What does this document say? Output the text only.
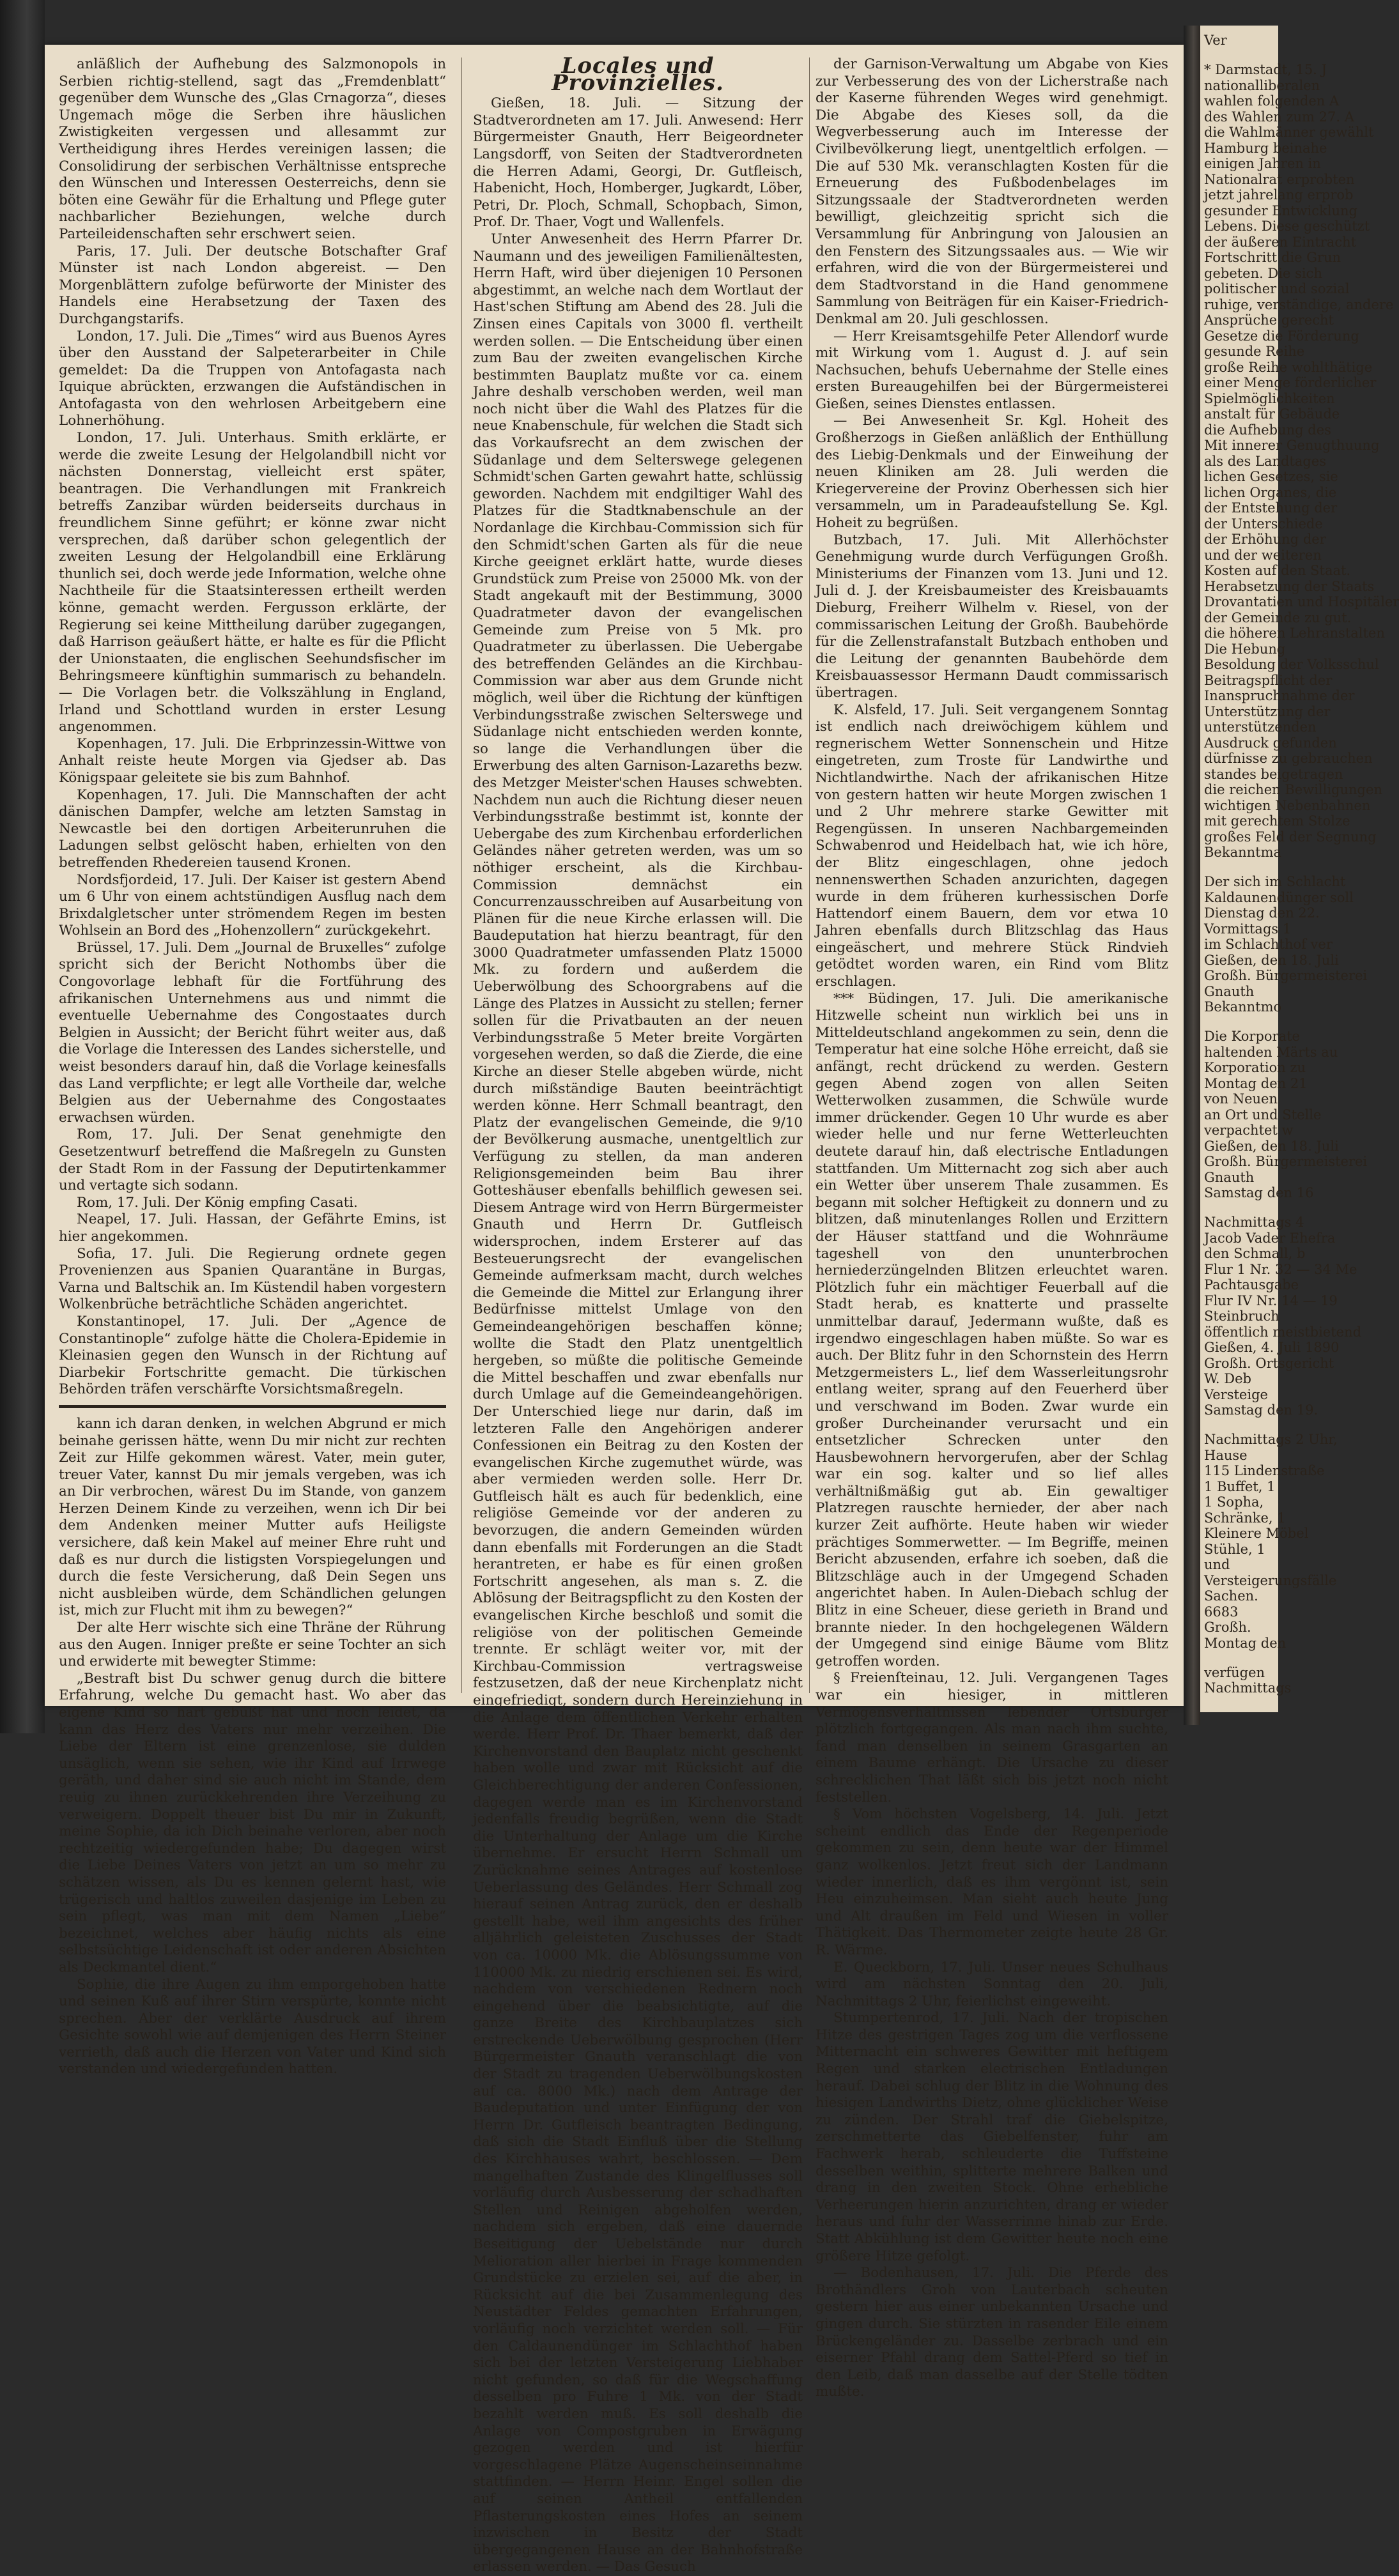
anläßlich der Aufhebung des Salzmonopols in Serbien richtig-stellend, sagt das „Fremdenblatt“ gegenüber dem Wunsche des „Glas Crnagorza“, dieses Ungemach möge die Serben ihre häuslichen Zwistigkeiten vergessen und allesammt zur Vertheidigung ihres Herdes vereinigen lassen; die Consolidirung der serbischen Verhältnisse entspreche den Wünschen und Interessen Oesterreichs, denn sie böten eine Gewähr für die Erhaltung und Pflege guter nachbarlicher Beziehungen, welche durch Parteileidenschaften sehr erschwert seien.

Paris, 17. Juli. Der deutsche Botschafter Graf Münster ist nach London abgereist. — Den Morgenblättern zufolge befürworte der Minister des Handels eine Herabsetzung der Taxen des Durchgangstarifs.

London, 17. Juli. Die „Times“ wird aus Buenos Ayres über den Ausstand der Salpeterarbeiter in Chile gemeldet: Da die Truppen von Antofagasta nach Iquique abrückten, erzwangen die Aufständischen in Antofagasta von den wehrlosen Arbeitgebern eine Lohnerhöhung.

London, 17. Juli. Unterhaus. Smith erklärte, er werde die zweite Lesung der Helgolandbill nicht vor nächsten Donnerstag, vielleicht erst später, beantragen. Die Verhandlungen mit Frankreich betreffs Zanzibar würden beiderseits durchaus in freundlichem Sinne geführt; er könne zwar nicht versprechen, daß darüber schon gelegentlich der zweiten Lesung der Helgolandbill eine Erklärung thunlich sei, doch werde jede Information, welche ohne Nachtheile für die Staatsinteressen ertheilt werden könne, gemacht werden. Fergusson erklärte, der Regierung sei keine Mittheilung darüber zugegangen, daß Harrison geäußert hätte, er halte es für die Pflicht der Unionstaaten, die englischen Seehundsfischer im Behringsmeere künftighin summarisch zu behandeln. — Die Vorlagen betr. die Volkszählung in England, Irland und Schottland wurden in erster Lesung angenommen.

Kopenhagen, 17. Juli. Die Erbprinzessin-Wittwe von Anhalt reiste heute Morgen via Gjedser ab. Das Königspaar geleitete sie bis zum Bahnhof.

Kopenhagen, 17. Juli. Die Mannschaften der acht dänischen Dampfer, welche am letzten Samstag in Newcastle bei den dortigen Arbeiterunruhen die Ladungen selbst gelöscht haben, erhielten von den betreffenden Rhedereien tausend Kronen.

Nordsfjordeid, 17. Juli. Der Kaiser ist gestern Abend um 6 Uhr von einem achtstündigen Ausflug nach dem Brixdalgletscher unter strömendem Regen im besten Wohlsein an Bord des „Hohenzollern“ zurückgekehrt.

Brüssel, 17. Juli. Dem „Journal de Bruxelles“ zufolge spricht sich der Bericht Nothombs über die Congovorlage lebhaft für die Fortführung des afrikanischen Unternehmens aus und nimmt die eventuelle Uebernahme des Congostaates durch Belgien in Aussicht; der Bericht führt weiter aus, daß die Vorlage die Interessen des Landes sicherstelle, und weist besonders darauf hin, daß die Vorlage keinesfalls das Land verpflichte; er legt alle Vortheile dar, welche Belgien aus der Uebernahme des Congostaates erwachsen würden.

Rom, 17. Juli. Der Senat genehmigte den Gesetzentwurf betreffend die Maßregeln zu Gunsten der Stadt Rom in der Fassung der Deputirtenkammer und vertagte sich sodann.

Rom, 17. Juli. Der König empfing Casati.

Neapel, 17. Juli. Hassan, der Gefährte Emins, ist hier angekommen.

Sofia, 17. Juli. Die Regierung ordnete gegen Provenienzen aus Spanien Quarantäne in Burgas, Varna und Baltschik an. Im Küstendil haben vorgestern Wolkenbrüche beträchtliche Schäden angerichtet.

Konstantinopel, 17. Juli. Der „Agence de Constantinople“ zufolge hätte die Cholera-Epidemie in Kleinasien gegen den Wunsch in der Richtung auf Diarbekir Fortschritte gemacht. Die türkischen Behörden träfen verschärfte Vorsichtsmaßregeln.

kann ich daran denken, in welchen Abgrund er mich beinahe gerissen hätte, wenn Du mir nicht zur rechten Zeit zur Hilfe gekommen wärest. Vater, mein guter, treuer Vater, kannst Du mir jemals vergeben, was ich an Dir verbrochen, wärest Du im Stande, von ganzem Herzen Deinem Kinde zu verzeihen, wenn ich Dir bei dem Andenken meiner Mutter aufs Heiligste versichere, daß kein Makel auf meiner Ehre ruht und daß es nur durch die listigsten Vorspiegelungen und durch die feste Versicherung, daß Dein Segen uns nicht ausbleiben würde, dem Schändlichen gelungen ist, mich zur Flucht mit ihm zu bewegen?“

Der alte Herr wischte sich eine Thräne der Rührung aus den Augen. Inniger preßte er seine Tochter an sich und erwiderte mit bewegter Stimme:

„Bestraft bist Du schwer genug durch die bittere Erfahrung, welche Du gemacht hast. Wo aber das eigene Kind so hart gebüßt hat und noch leidet, da kann das Herz des Vaters nur mehr verzeihen. Die Liebe der Eltern ist eine grenzenlose, sie dulden unsäglich, wenn sie sehen, wie ihr Kind auf Irrwege geräth, und daher sind sie auch nicht im Stande, dem reuig zu ihnen zurückkehrenden ihre Verzeihung zu verweigern. Doppelt theuer bist Du mir in Zukunft, meine Sophie, da ich Dich beinahe verloren, aber noch rechtzeitig wiedergefunden habe; Du dagegen wirst die Liebe Deines Vaters von jetzt an um so mehr zu schätzen wissen, als Du es kennen gelernt hast, wie trügerisch und haltlos zuweilen dasjenige im Leben zu sein pflegt, was man mit dem Namen „Liebe“ bezeichnet, welches aber häufig nichts als eine selbstsüchtige Leidenschaft ist oder anderen Absichten als Deckmantel dient.“

Sophie, die ihre Augen zu ihm emporgehoben hatte und seinen Kuß auf ihrer Stirn verspürte, konnte nicht sprechen. Aber der verklärte Ausdruck auf ihrem Gesichte sowohl wie auf demjenigen des Herrn Steiner verrieth, daß auch die Herzen von Vater und Kind sich verstanden und wiedergefunden hatten.

Locales und Provinzielles.

Gießen, 18. Juli. — Sitzung der Stadtverordneten am 17. Juli. Anwesend: Herr Bürgermeister Gnauth, Herr Beigeordneter Langsdorff, von Seiten der Stadtverordneten die Herren Adami, Georgi, Dr. Gutfleisch, Habenicht, Hoch, Homberger, Jugkardt, Löber, Petri, Dr. Ploch, Schmall, Schopbach, Simon, Prof. Dr. Thaer, Vogt und Wallenfels.

Unter Anwesenheit des Herrn Pfarrer Dr. Naumann und des jeweiligen Familienältesten, Herrn Haft, wird über diejenigen 10 Personen abgestimmt, an welche nach dem Wortlaut der Hast'schen Stiftung am Abend des 28. Juli die Zinsen eines Capitals von 3000 fl. vertheilt werden sollen. — Die Entscheidung über einen zum Bau der zweiten evangelischen Kirche bestimmten Bauplatz mußte vor ca. einem Jahre deshalb verschoben werden, weil man noch nicht über die Wahl des Platzes für die neue Knabenschule, für welchen die Stadt sich das Vorkaufsrecht an dem zwischen der Südanlage und dem Selterswege gelegenen Schmidt'schen Garten gewahrt hatte, schlüssig geworden. Nachdem mit endgiltiger Wahl des Platzes für die Stadtknabenschule an der Nordanlage die Kirchbau-Commission sich für den Schmidt'schen Garten als für die neue Kirche geeignet erklärt hatte, wurde dieses Grundstück zum Preise von 25000 Mk. von der Stadt angekauft mit der Bestimmung, 3000 Quadratmeter davon der evangelischen Gemeinde zum Preise von 5 Mk. pro Quadratmeter zu überlassen. Die Uebergabe des betreffenden Geländes an die Kirchbau-Commission war aber aus dem Grunde nicht möglich, weil über die Richtung der künftigen Verbindungsstraße zwischen Selterswege und Südanlage nicht entschieden werden konnte, so lange die Verhandlungen über die Erwerbung des alten Garnison-Lazareths bezw. des Metzger Meister'schen Hauses schwebten. Nachdem nun auch die Richtung dieser neuen Verbindungsstraße bestimmt ist, konnte der Uebergabe des zum Kirchenbau erforderlichen Geländes näher getreten werden, was um so nöthiger erscheint, als die Kirchbau-Commission demnächst ein Concurrenzausschreiben auf Ausarbeitung von Plänen für die neue Kirche erlassen will. Die Baudeputation hat hierzu beantragt, für den 3000 Quadratmeter umfassenden Platz 15000 Mk. zu fordern und außerdem die Ueberwölbung des Schoorgrabens auf die Länge des Platzes in Aussicht zu stellen; ferner sollen für die Privatbauten an der neuen Verbindungsstraße 5 Meter breite Vorgärten vorgesehen werden, so daß die Zierde, die eine Kirche an dieser Stelle abgeben würde, nicht durch mißständige Bauten beeinträchtigt werden könne. Herr Schmall beantragt, den Platz der evangelischen Gemeinde, die 9/10 der Bevölkerung ausmache, unentgeltlich zur Verfügung zu stellen, da man anderen Religionsgemeinden beim Bau ihrer Gotteshäuser ebenfalls behilflich gewesen sei. Diesem Antrage wird von Herrn Bürgermeister Gnauth und Herrn Dr. Gutfleisch widersprochen, indem Ersterer auf das Besteuerungsrecht der evangelischen Gemeinde aufmerksam macht, durch welches die Gemeinde die Mittel zur Erlangung ihrer Bedürfnisse mittelst Umlage von den Gemeindeangehörigen beschaffen könne; wollte die Stadt den Platz unentgeltlich hergeben, so müßte die politische Gemeinde die Mittel beschaffen und zwar ebenfalls nur durch Umlage auf die Gemeindeangehörigen. Der Unterschied liege nur darin, daß im letzteren Falle den Angehörigen anderer Confessionen ein Beitrag zu den Kosten der evangelischen Kirche zugemuthet würde, was aber vermieden werden solle. Herr Dr. Gutfleisch hält es auch für bedenklich, eine religiöse Gemeinde vor der anderen zu bevorzugen, die andern Gemeinden würden dann ebenfalls mit Forderungen an die Stadt herantreten, er habe es für einen großen Fortschritt angesehen, als man s. Z. die Ablösung der Beitragspflicht zu den Kosten der evangelischen Kirche beschloß und somit die religiöse von der politischen Gemeinde trennte. Er schlägt weiter vor, mit der Kirchbau-Commission vertragsweise festzusetzen, daß der neue Kirchenplatz nicht eingefriedigt, sondern durch Hereinziehung in die Anlage dem öffentlichen Verkehr erhalten werde. Herr Prof. Dr. Thaer bemerkt, daß der Kirchenvorstand den Bauplatz nicht geschenkt haben wolle und zwar mit Rücksicht auf die Gleichberechtigung der anderen Confessionen, dagegen werde man es im Kirchenvorstand jedenfalls freudig begrüßen, wenn die Stadt die Unterhaltung der Anlage um die Kirche übernehme. Er ersucht Herrn Schmall um Zurücknahme seines Antrages auf kostenlose Ueberlassung des Geländes. Herr Schmall zog hierauf seinen Antrag zurück, den er deshalb gestellt habe, weil ihm angesichts des früher alljährlich geleisteten Zuschusses der Stadt von ca. 10000 Mk. die Ablösungssumme von 110000 Mk. zu niedrig erschienen sei. Es wird, nachdem von verschiedenen Rednern noch eingehend über die beabsichtigte, auf die ganze Breite des Kirchbauplatzes sich erstreckende Ueberwölbung gesprochen (Herr Bürgermeister Gnauth veranschlagt die von der Stadt zu tragenden Ueberwölbungskosten auf ca. 8000 Mk.) nach dem Antrage der Baudeputation und unter Einfügung der von Herrn Dr. Gutfleisch beantragten Bedingung, daß sich die Stadt Einfluß über die Stellung des Kirchhauses wahrt, beschlossen. — Dem mangelhaften Zustande des Klingelflusses soll vorläufig durch Ausbesserung der schadhaften Stellen und Reinigen abgeholfen werden, nachdem sich ergeben, daß eine dauernde Beseitigung der Uebelstände nur durch Melioration aller hierbei in Frage kommenden Grundstücke zu erzielen sei, auf die aber, in Rücksicht auf die bei Zusammenlegung des Neustädter Feldes gemachten Erfahrungen, vorläufig noch verzichtet werden soll. — Für den Caldaunendünger im Schlachthof haben sich bei der letzten Versteigerung Liebhaber nicht gefunden, so daß für die Wegschaffung desselben pro Fuhre 1 Mk. von der Stadt bezahlt werden muß. Es soll deshalb die Anlage von Compostgruben in Erwägung gezogen werden und ist hierfür vorgeschlagene Plätze Augenscheinseinnahme stattfinden. — Herrn Heinr. Engel sollen die auf seinen Antheil entfallenden Pflasterungskosten eines Hofes an seinem inzwischen in Besitz der Stadt übergegangenen Hause an der Bahnhofstraße erlassen werden. — Das Gesuch

der Garnison-Verwaltung um Abgabe von Kies zur Verbesserung des von der Licherstraße nach der Kaserne führenden Weges wird genehmigt. Die Abgabe des Kieses soll, da die Wegverbesserung auch im Interesse der Civilbevölkerung liegt, unentgeltlich erfolgen. — Die auf 530 Mk. veranschlagten Kosten für die Erneuerung des Fußbodenbelages im Sitzungssaale der Stadtverordneten werden bewilligt, gleichzeitig spricht sich die Versammlung für Anbringung von Jalousien an den Fenstern des Sitzungssaales aus. — Wie wir erfahren, wird die von der Bürgermeisterei und dem Stadtvorstand in die Hand genommene Sammlung von Beiträgen für ein Kaiser-Friedrich-Denkmal am 20. Juli geschlossen.

— Herr Kreisamtsgehilfe Peter Allendorf wurde mit Wirkung vom 1. August d. J. auf sein Nachsuchen, behufs Uebernahme der Stelle eines ersten Bureaugehilfen bei der Bürgermeisterei Gießen, seines Dienstes entlassen.

— Bei Anwesenheit Sr. Kgl. Hoheit des Großherzogs in Gießen anläßlich der Enthüllung des Liebig-Denkmals und der Einweihung der neuen Kliniken am 28. Juli werden die Kriegervereine der Provinz Oberhessen sich hier versammeln, um in Paradeaufstellung Se. Kgl. Hoheit zu begrüßen.

Butzbach, 17. Juli. Mit Allerhöchster Genehmigung wurde durch Verfügungen Großh. Ministeriums der Finanzen vom 13. Juni und 12. Juli d. J. der Kreisbaumeister des Kreisbauamts Dieburg, Freiherr Wilhelm v. Riesel, von der commissarischen Leitung der Großh. Baubehörde für die Zellenstrafanstalt Butzbach enthoben und die Leitung der genannten Baubehörde dem Kreisbauassessor Hermann Daudt commissarisch übertragen.

K. Alsfeld, 17. Juli. Seit vergangenem Sonntag ist endlich nach dreiwöchigem kühlem und regnerischem Wetter Sonnenschein und Hitze eingetreten, zum Troste für Landwirthe und Nichtlandwirthe. Nach der afrikanischen Hitze von gestern hatten wir heute Morgen zwischen 1 und 2 Uhr mehrere starke Gewitter mit Regengüssen. In unseren Nachbargemeinden Schwabenrod und Heidelbach hat, wie ich höre, der Blitz eingeschlagen, ohne jedoch nennenswerthen Schaden anzurichten, dagegen wurde in dem früheren kurhessischen Dorfe Hattendorf einem Bauern, dem vor etwa 10 Jahren ebenfalls durch Blitzschlag das Haus eingeäschert, und mehrere Stück Rindvieh getödtet worden waren, ein Rind vom Blitz erschlagen.

*** Büdingen, 17. Juli. Die amerikanische Hitzwelle scheint nun wirklich bei uns in Mitteldeutschland angekommen zu sein, denn die Temperatur hat eine solche Höhe erreicht, daß sie anfängt, recht drückend zu werden. Gestern gegen Abend zogen von allen Seiten Wetterwolken zusammen, die Schwüle wurde immer drückender. Gegen 10 Uhr wurde es aber wieder helle und nur ferne Wetterleuchten deutete darauf hin, daß electrische Entladungen stattfanden. Um Mitternacht zog sich aber auch ein Wetter über unserem Thale zusammen. Es begann mit solcher Heftigkeit zu donnern und zu blitzen, daß minutenlanges Rollen und Erzittern der Häuser stattfand und die Wohnräume tageshell von den ununterbrochen herniederzüngelnden Blitzen erleuchtet waren. Plötzlich fuhr ein mächtiger Feuerball auf die Stadt herab, es knatterte und prasselte unmittelbar darauf, Jedermann wußte, daß es irgendwo eingeschlagen haben müßte. So war es auch. Der Blitz fuhr in den Schornstein des Herrn Metzgermeisters L., lief dem Wasserleitungsrohr entlang weiter, sprang auf den Feuerherd über und verschwand im Boden. Zwar wurde ein großer Durcheinander verursacht und ein entsetzlicher Schrecken unter den Hausbewohnern hervorgerufen, aber der Schlag war ein sog. kalter und so lief alles verhältnißmäßig gut ab. Ein gewaltiger Platzregen rauschte hernieder, der aber nach kurzer Zeit aufhörte. Heute haben wir wieder prächtiges Sommerwetter. — Im Begriffe, meinen Bericht abzusenden, erfahre ich soeben, daß die Blitzschläge auch in der Umgegend Schaden angerichtet haben. In Aulen-Diebach schlug der Blitz in eine Scheuer, diese gerieth in Brand und brannte nieder. In den hochgelegenen Wäldern der Umgegend sind einige Bäume vom Blitz getroffen worden.

§ Freienſteinau, 12. Juli. Vergangenen Tages war ein hiesiger, in mittleren Vermögensverhältnissen lebender Ortsbürger plötzlich fortgegangen. Als man nach ihm suchte, fand man denselben in seinem Grasgarten an einem Baume erhängt. Die Ursache zu dieser schrecklichen That läßt sich bis jetzt noch nicht feststellen.

§ Vom höchsten Vogelsberg, 14. Juli. Jetzt scheint endlich das Ende der Regenperiode gekommen zu sein, denn heute war der Himmel ganz wolkenlos. Jetzt freut sich der Landmann wieder innerlich, daß es ihm vergönnt ist, sein Heu einzuheimsen. Man sieht auch heute Jung und Alt draußen im Feld und Wiesen in voller Thätigkeit. Das Thermometer zeigte heute 28 Gr. R. Wärme.

E. Queckborn, 17. Juli. Unser neues Schulhaus wird am nächsten Sonntag den 20. Juli, Nachmittags 2 Uhr, feierlichst eingeweiht.

Stumpertenrod, 17. Juli. Nach der tropischen Hitze des gestrigen Tages zog um die verflossene Mitternacht ein schweres Gewitter mit heftigem Regen und starken electrischen Entladungen herauf. Dabei schlug der Blitz in die Wohnung des hiesigen Landwirths Dietz, ohne glücklicher Weise zu zünden. Der Strahl traf die Giebelspitze, zerschmetterte das Giebelfenster, fuhr am Fachwerk herab, schleuderte die Tuffsteine desselben weithin, splitterte mehrere Balken und drang in den zweiten Stock. Ohne erhebliche Verheerungen hierin anzurichten, drang er wieder heraus und fuhr der Wasserrinne hinab zur Erde. Statt Abkühlung ist dem Gewitter heute noch eine größere Hitze gefolgt.

— Bodenhausen, 17. Juli. Die Pferde des Brothändlers Groh von Lauterbach scheuten gestern hier aus einer unbekannten Ursache und gingen durch. Sie stürzten in rasender Eile einem Brückengeländer zu. Dasselbe zerbrach und ein eiserner Pfahl drang dem Sattel-Pferd so tief in den Leib, daß man dasselbe auf der Stelle tödten mußte.

Ver
* Darmstadt, 15. J
nationalliberalen
wahlen folgenden A
des Wahlen zum 27. A
die Wahlmänner gewählt
Hamburg beinahe
einigen Jahren in
Nationalrat erprobten
jetzt jahrelang erprob
gesunder Entwicklung
Lebens. Diese geschützt
der äußeren Eintracht
Fortschritt die Grun
gebeten. Die sich
politischer und sozial
ruhige, verständige, andere
Ansprüche gerecht
Gesetze die Förderung
gesunde Reihe
große Reihe wohlthätige
einer Menge förderlicher
Spielmöglichkeiten
anstalt für Gebäude
die Aufhebung des
Mit innerer Genugthuung
als des Landtages
lichen Gesetzes, sie
lichen Organes, die
der Entstehung der
der Unterschiede
der Erhöhung der
und der weiteren
Kosten auf den Staat.
Herabsetzung der Staats
Drovantatien und Hospitäler
der Gemeinde zu gut.
die höheren Lehranstalten
Die Hebung
Besoldung der Volksschul
Beitragspflicht der
Inanspruchnahme der
Unterstützung der
unterstützenden
Ausdruck gefunden
dürfnisse zu gebrauchen
standes beigetragen
die reichen Bewilligungen
wichtigen Nebenbahnen
mit gerechtem Stolze
großes Feld der Segnung
Bekanntma
Der sich im Schlacht
Kaldaunendünger soll
Dienstag den 22.
Vormittags 1
im Schlachthof ver
Gießen, den 18. Juli
Großh. Bürgermeisterei
Gnauth
Bekanntmo
Die Korporate
haltenden Märts au
Korporation zu
Montag den 21
von Neuen
an Ort und Stelle
verpachtet w
Gießen, den 18. Juli
Großh. Bürgermeisterei
Gnauth
Samstag den 16
Nachmittags 4
Jacob Vader Ehefra
den Schmall, b
Flur 1 Nr. 32 — 34 Me
Pachtausgabe
Flur IV Nr. 14 — 19
Steinbruch
öffentlich meistbietend
Gießen, 4. Juli 1890
Großh. Ortsgericht
W. Deb
Versteige
Samstag den 19.
Nachmittags 2 Uhr,
Hause
115 Lindenstraße
1 Buffet, 1
1 Sopha,
Schränke, 1
Kleinere Möbel
Stühle, 1
und
Versteigerungsfälle
Sachen.
6683
Großh.
Montag den
verfügen
Nachmittags
